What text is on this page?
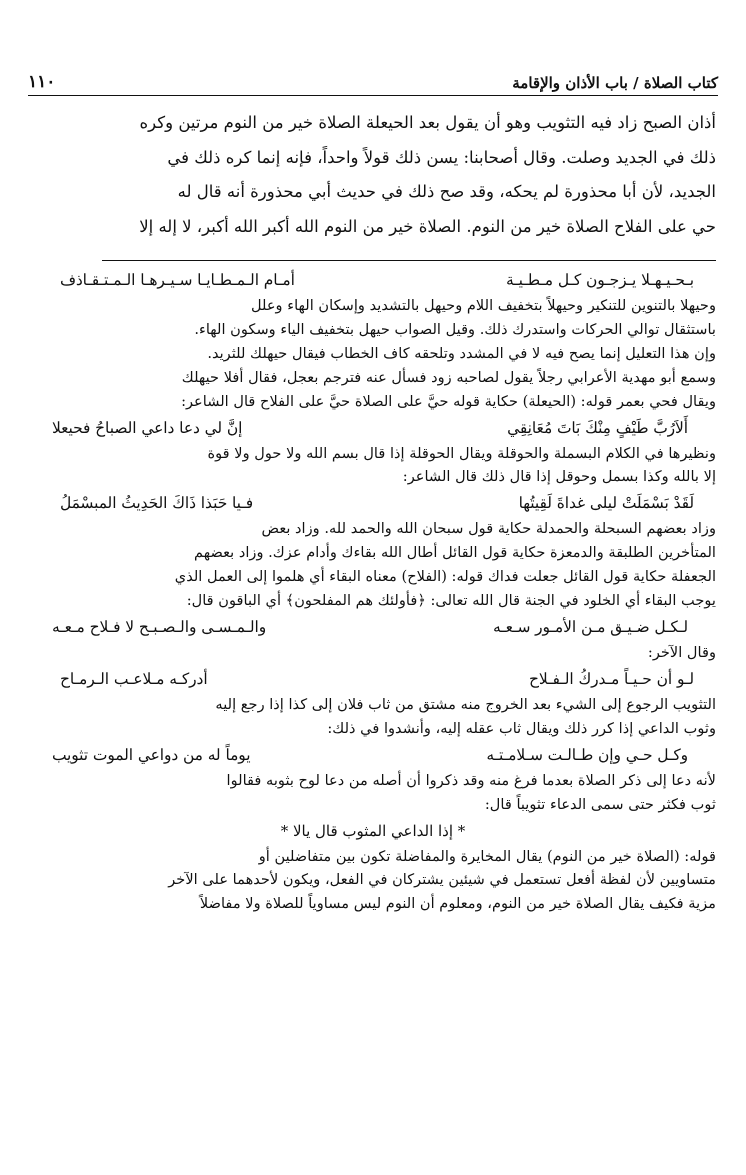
كتاب الصلاة / باب الأذان والإقامة
١١٠

أذان الصبح زاد فيه التثويب وهو أن يقول بعد الحيعلة الصلاة خير من النوم مرتين وكره

ذلك في الجديد وصلت. وقال أصحابنا: يسن ذلك قولاً واحداً، فإنه إنما كره ذلك في

الجديد، لأن أبا محذورة لم يحكه، وقد صح ذلك في حديث أبي محذورة أنه قال له

حي على الفلاح الصلاة خير من النوم. الصلاة خير من النوم الله أكبر الله أكبر، لا إله إلا

بـحـيـهـلا يـزجـون كـل مـطـيـة
أمـام الـمـطـايـا سـيـرهـا الـمـتـقـاذف
وحيهلا بالتنوين للتنكير وحيهلاً بتخفيف اللام وحيهل بالتشديد وإسكان الهاء وعلل
باستثقال توالي الحركات واستدرك ذلك. وقيل الصواب حيهل بتخفيف الياء وسكون الهاء.
وإن هذا التعليل إنما يصح فيه لا في المشدد وتلحقه كاف الخطاب فيقال حيهلك للثريد.
وسمع أبو مهدية الأعرابي رجلاً يقول لصاحبه زود فسأل عنه فترجم بعجل، فقال أفلا حيهلك
ويقال فحي بعمر قوله: (الحيعلة) حكاية قوله حيَّ على الصلاة حيَّ على الفلاح قال الشاعر:
أَلاَرُبَّ طَيْفٍ مِنْكَ بَاتَ مُعَانِقِي
إنَّ لي دعا داعي الصباحُ فحيعلا
ونظيرها في الكلام البسملة والحوقلة ويقال الحوقلة إذا قال بسم الله ولا حول ولا قوة
إلا بالله وكذا بسمل وحوقل إذا قال ذلك قال الشاعر:
لَقَدْ بَسْمَلَتْ ليلى غداةَ لَقِيتُها
فـيا حَبَذا ذَاكَ الحَدِيثُ المبسْمَلُ
وزاد بعضهم السبحلة والحمدلة حكاية قول سبحان الله والحمد لله. وزاد بعض
المتأخرين الطلبقة والدمعزة حكاية قول القائل أطال الله بقاءك وأدام عزك. وزاد بعضهم
الجعفلة حكاية قول القائل جعلت فداك قوله: (الفلاح) معناه البقاء أي هلموا إلى العمل الذي
يوجب البقاء أي الخلود في الجنة قال الله تعالى: ﴿فأولئك هم المفلحون﴾ أي الباقون قال:
لـكـل ضـيـق مـن الأمـور سـعـه
والـمـسـى والـصـبـح لا فـلاح مـعـه
وقال الآخر:
لـو أن حـيـاً مـدركُ الـفـلاح
أدركـه مـلاعـب الـرمـاح
التثويب الرجوع إلى الشيء بعد الخروج منه مشتق من ثاب فلان إلى كذا إذا رجع إليه
وثوب الداعي إذا كرر ذلك ويقال ثاب عقله إليه، وأنشدوا في ذلك:
وكـل حـي وإن طـالـت سـلامـتـه
يوماً له من دواعي الموت تثويب
لأنه دعا إلى ذكر الصلاة بعدما فرغ منه وقد ذكروا أن أصله من دعا لوح بثوبه فقالوا
ثوب فكثر حتى سمى الدعاء تثويباً قال:
* إذا الداعي المثوب قال يالا *
قوله: (الصلاة خير من النوم) يقال المخايرة والمفاضلة تكون بين متفاضلين أو
متساويين لأن لفظة أفعل تستعمل في شيئين يشتركان في الفعل، ويكون لأحدهما على الآخر
مزية فكيف يقال الصلاة خير من النوم، ومعلوم أن النوم ليس مساوياً للصلاة ولا مفاضلاً
